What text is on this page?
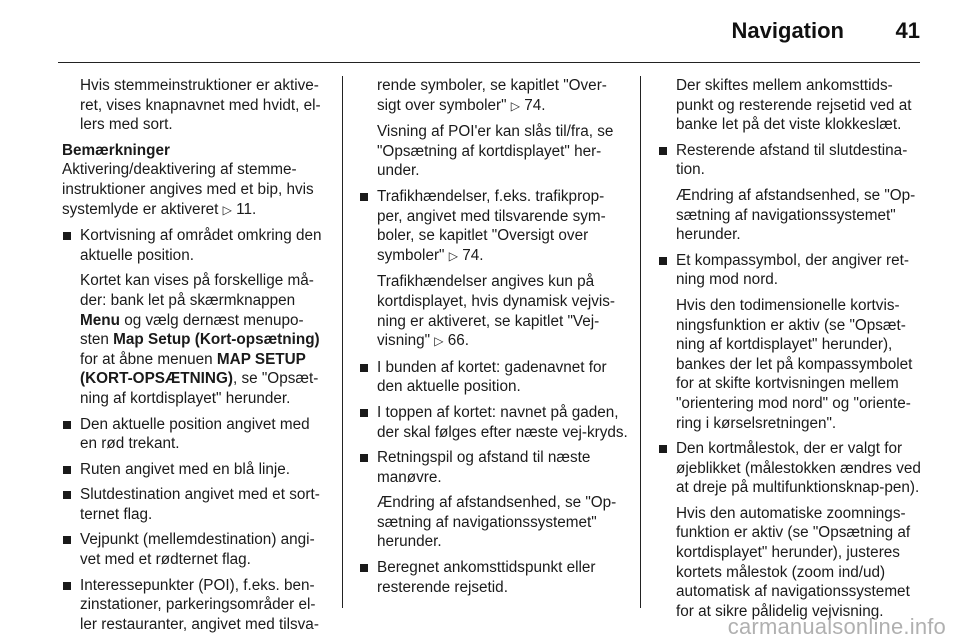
Navigation 41

Hvis stemmeinstruktioner er aktive-ret, vises knapnavnet med hvidt, el-lers med sort.

Bemærkninger

Aktivering/deaktivering af stemme-instruktioner angives med et bip, hvis systemlyde er aktiveret ▷ 11.

Kortvisning af området omkring den aktuelle position.

Kortet kan vises på forskellige må-der: bank let på skærmknappen Menu og vælg dernæst menupo-sten Map Setup (Kort-opsætning) for at åbne menuen MAP SETUP (KORT-OPSÆTNING), se "Opsæt-ning af kortdisplayet" herunder.

Den aktuelle position angivet med en rød trekant.

Ruten angivet med en blå linje.

Slutdestination angivet med et sort-ternet flag.

Vejpunkt (mellemdestination) angi-vet med et rødternet flag.

Interessepunkter (POI), f.eks. ben-zinstationer, parkeringsområder el-ler restauranter, angivet med tilsva-

rende symboler, se kapitlet "Over-sigt over symboler" ▷ 74.

Visning af POI'er kan slås til/fra, se "Opsætning af kortdisplayet" her-under.

Trafikhændelser, f.eks. trafikprop-per, angivet med tilsvarende sym-boler, se kapitlet "Oversigt over symboler" ▷ 74.

Trafikhændelser angives kun på kortdisplayet, hvis dynamisk vejvis-ning er aktiveret, se kapitlet "Vej-visning" ▷ 66.

I bunden af kortet: gadenavnet for den aktuelle position.

I toppen af kortet: navnet på gaden, der skal følges efter næste vej-kryds.

Retningspil og afstand til næste manøvre.

Ændring af afstandsenhed, se "Op-sætning af navigationssystemet" herunder.

Beregnet ankomsttidspunkt eller resterende rejsetid.

Der skiftes mellem ankomsttids-punkt og resterende rejsetid ved at banke let på det viste klokkeslæt.

Resterende afstand til slutdestina-tion.

Ændring af afstandsenhed, se "Op-sætning af navigationssystemet" herunder.

Et kompassymbol, der angiver ret-ning mod nord.

Hvis den todimensionelle kortvis-ningsfunktion er aktiv (se "Opsæt-ning af kortdisplayet" herunder), bankes der let på kompassymbolet for at skifte kortvisningen mellem "orientering mod nord" og "oriente-ring i kørselsretningen".

Den kortmålestok, der er valgt for øjeblikket (målestokken ændres ved at dreje på multifunktionsknap-pen).

Hvis den automatiske zoomnings-funktion er aktiv (se "Opsætning af kortdisplayet" herunder), justeres kortets målestok (zoom ind/ud) automatisk af navigationssystemet for at sikre pålidelig vejvisning.

carmanualsonline.info
